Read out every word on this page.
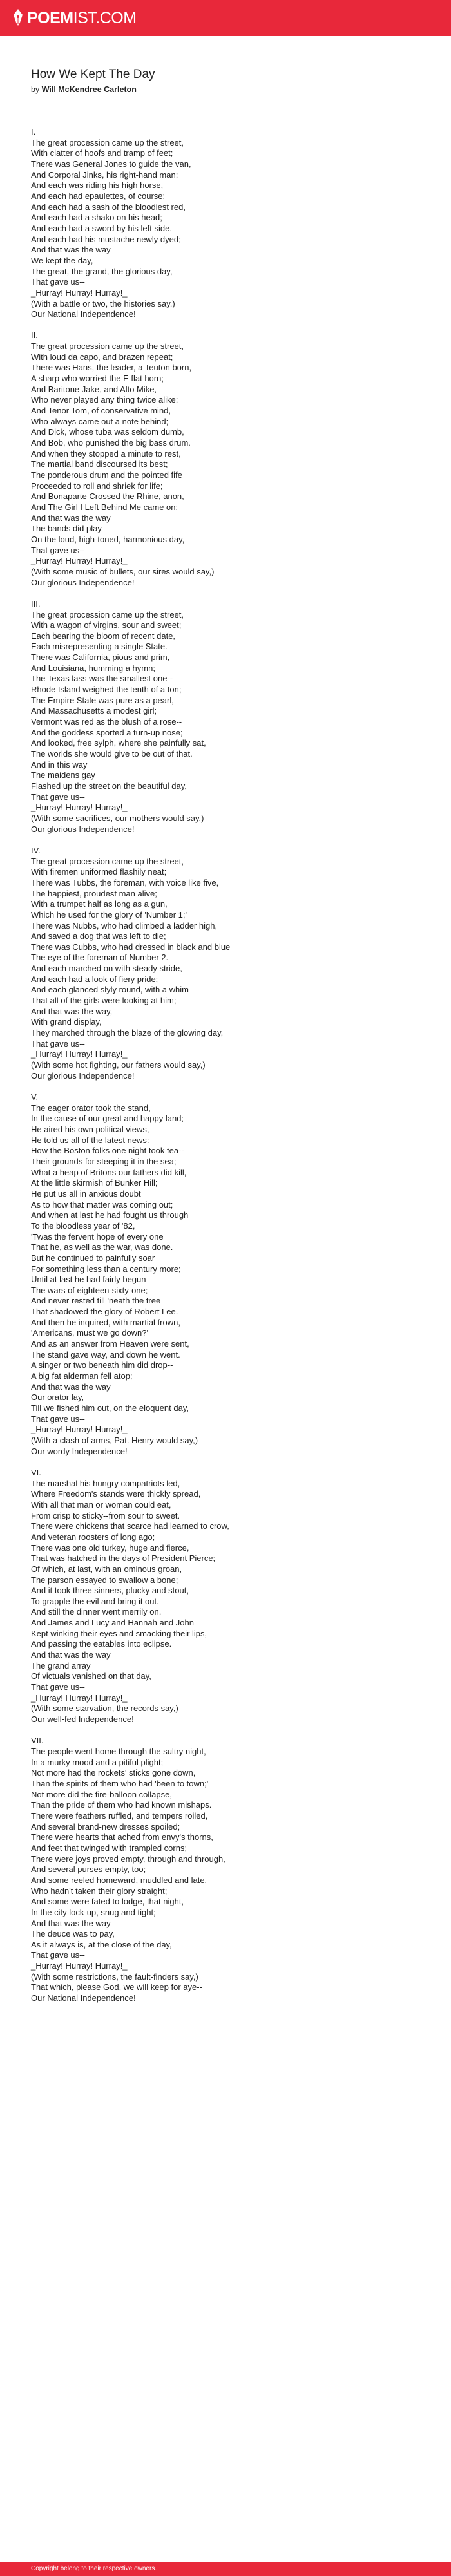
POEMIST.COM
How We Kept The Day

by Will McKendree Carleton

I.
The great procession came up the street,
With clatter of hoofs and tramp of feet;
There was General Jones to guide the van,
And Corporal Jinks, his right-hand man;
And each was riding his high horse,
And each had epaulettes, of course;
And each had a sash of the bloodiest red,
And each had a shako on his head;
And each had a sword by his left side,
And each had his mustache newly dyed;
And that was the way
We kept the day,
The great, the grand, the glorious day,
That gave us--
_Hurray! Hurray! Hurray!_
(With a battle or two, the histories say,)
Our National Independence!
II.
The great procession came up the street,
With loud da capo, and brazen repeat;
There was Hans, the leader, a Teuton born,
A sharp who worried the E flat horn;
And Baritone Jake, and Alto Mike,
Who never played any thing twice alike;
And Tenor Tom, of conservative mind,
Who always came out a note behind;
And Dick, whose tuba was seldom dumb,
And Bob, who punished the big bass drum.
And when they stopped a minute to rest,
The martial band discoursed its best;
The ponderous drum and the pointed fife
Proceeded to roll and shriek for life;
And Bonaparte Crossed the Rhine, anon,
And The Girl I Left Behind Me came on;
And that was the way
The bands did play
On the loud, high-toned, harmonious day,
That gave us--
_Hurray! Hurray! Hurray!_
(With some music of bullets, our sires would say,)
Our glorious Independence!
III.
The great procession came up the street,
With a wagon of virgins, sour and sweet;
Each bearing the bloom of recent date,
Each misrepresenting a single State.
There was California, pious and prim,
And Louisiana, humming a hymn;
The Texas lass was the smallest one--
Rhode Island weighed the tenth of a ton;
The Empire State was pure as a pearl,
And Massachusetts a modest girl;
Vermont was red as the blush of a rose--
And the goddess sported a turn-up nose;
And looked, free sylph, where she painfully sat,
The worlds she would give to be out of that.
And in this way
The maidens gay
Flashed up the street on the beautiful day,
That gave us--
_Hurray! Hurray! Hurray!_
(With some sacrifices, our mothers would say,)
Our glorious Independence!
IV.
The great procession came up the street,
With firemen uniformed flashily neat;
There was Tubbs, the foreman, with voice like five,
The happiest, proudest man alive;
With a trumpet half as long as a gun,
Which he used for the glory of 'Number 1;'
There was Nubbs, who had climbed a ladder high,
And saved a dog that was left to die;
There was Cubbs, who had dressed in black and blue
The eye of the foreman of Number 2.
And each marched on with steady stride,
And each had a look of fiery pride;
And each glanced slyly round, with a whim
That all of the girls were looking at him;
And that was the way,
With grand display,
They marched through the blaze of the glowing day,
That gave us--
_Hurray! Hurray! Hurray!_
(With some hot fighting, our fathers would say,)
Our glorious Independence!
V.
The eager orator took the stand,
In the cause of our great and happy land;
He aired his own political views,
He told us all of the latest news:
How the Boston folks one night took tea--
Their grounds for steeping it in the sea;
What a heap of Britons our fathers did kill,
At the little skirmish of Bunker Hill;
He put us all in anxious doubt
As to how that matter was coming out;
And when at last he had fought us through
To the bloodless year of '82,
'Twas the fervent hope of every one
That he, as well as the war, was done.
But he continued to painfully soar
For something less than a century more;
Until at last he had fairly begun
The wars of eighteen-sixty-one;
And never rested till 'neath the tree
That shadowed the glory of Robert Lee.
And then he inquired, with martial frown,
'Americans, must we go down?'
And as an answer from Heaven were sent,
The stand gave way, and down he went.
A singer or two beneath him did drop--
A big fat alderman fell atop;
And that was the way
Our orator lay,
Till we fished him out, on the eloquent day,
That gave us--
_Hurray! Hurray! Hurray!_
(With a clash of arms, Pat. Henry would say,)
Our wordy Independence!
VI.
The marshal his hungry compatriots led,
Where Freedom's stands were thickly spread,
With all that man or woman could eat,
From crisp to sticky--from sour to sweet.
There were chickens that scarce had learned to crow,
And veteran roosters of long ago;
There was one old turkey, huge and fierce,
That was hatched in the days of President Pierce;
Of which, at last, with an ominous groan,
The parson essayed to swallow a bone;
And it took three sinners, plucky and stout,
To grapple the evil and bring it out.
And still the dinner went merrily on,
And James and Lucy and Hannah and John
Kept winking their eyes and smacking their lips,
And passing the eatables into eclipse.
And that was the way
The grand array
Of victuals vanished on that day,
That gave us--
_Hurray! Hurray! Hurray!_
(With some starvation, the records say,)
Our well-fed Independence!
VII.
The people went home through the sultry night,
In a murky mood and a pitiful plight;
Not more had the rockets' sticks gone down,
Than the spirits of them who had 'been to town;'
Not more did the fire-balloon collapse,
Than the pride of them who had known mishaps.
There were feathers ruffled, and tempers roiled,
And several brand-new dresses spoiled;
There were hearts that ached from envy's thorns,
And feet that twinged with trampled corns;
There were joys proved empty, through and through,
And several purses empty, too;
And some reeled homeward, muddled and late,
Who hadn't taken their glory straight;
And some were fated to lodge, that night,
In the city lock-up, snug and tight;
And that was the way
The deuce was to pay,
As it always is, at the close of the day,
That gave us--
_Hurray! Hurray! Hurray!_
(With some restrictions, the fault-finders say,)
That which, please God, we will keep for aye--
Our National Independence!
Copyright belong to their respective owners.
